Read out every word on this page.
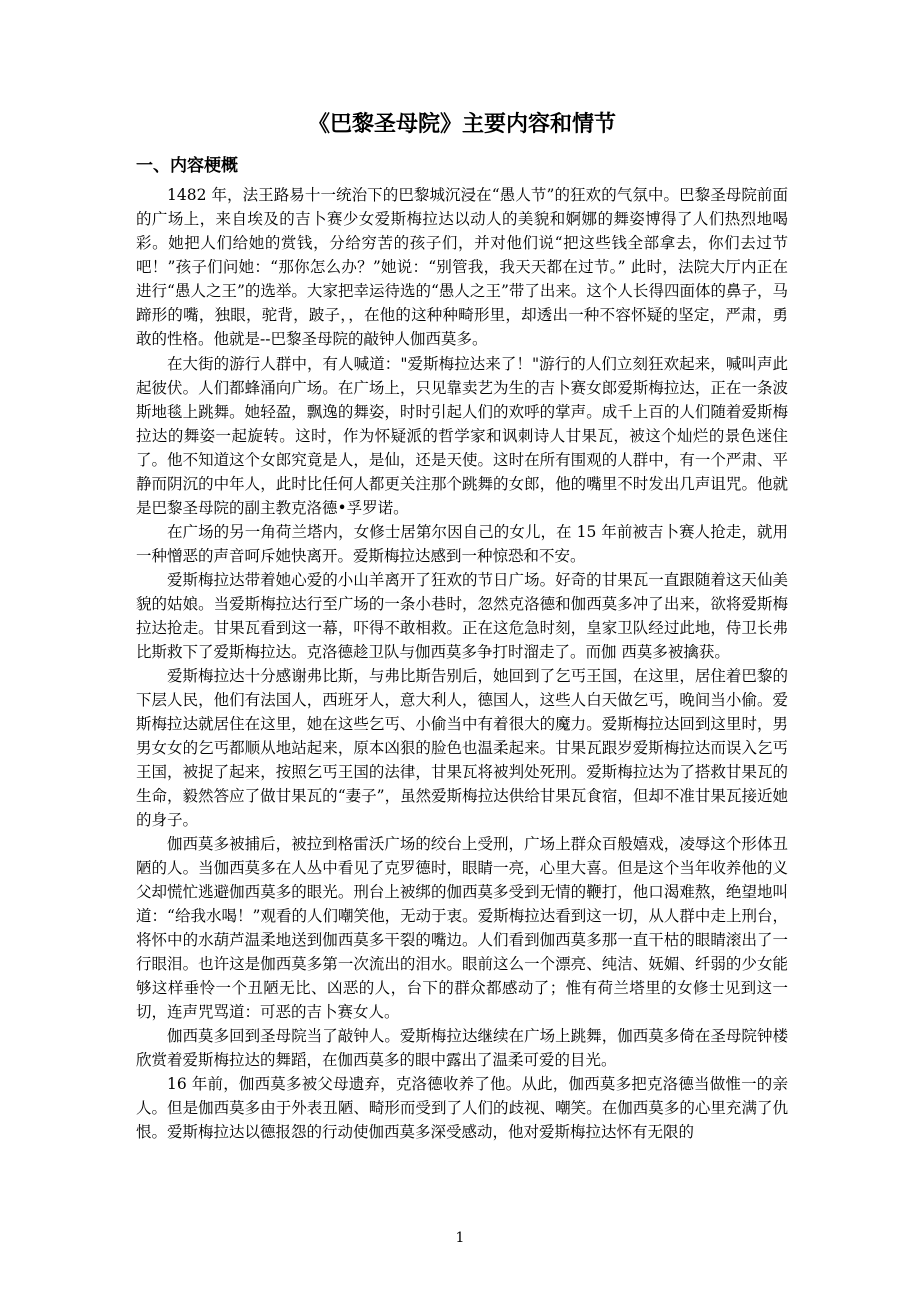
《巴黎圣母院》主要内容和情节
一、内容梗概

1482 年，法王路易十一统治下的巴黎城沉浸在“愚人节”的狂欢的气氛中。巴黎圣母院前面的广场上，来自埃及的吉卜赛少女爱斯梅拉达以动人的美貌和婀娜的舞姿博得了人们热烈地喝彩。她把人们给她的赏钱，分给穷苦的孩子们，并对他们说“把这些钱全部拿去，你们去过节吧！”孩子们问她：“那你怎么办？”她说：“别管我，我天天都在过节。” 此时，法院大厅内正在进行“愚人之王”的选举。大家把幸运待选的“愚人之王”带了出来。这个人长得四面体的鼻子，马蹄形的嘴，独眼，驼背，跛子，，在他的这种种畸形里，却透出一种不容怀疑的坚定，严肃，勇敢的性格。他就是--巴黎圣母院的敲钟人伽西莫多。

在大街的游行人群中，有人喊道："爱斯梅拉达来了！"游行的人们立刻狂欢起来，喊叫声此起彼伏。人们都蜂涌向广场。在广场上，只见靠卖艺为生的吉卜赛女郎爱斯梅拉达，正在一条波斯地毯上跳舞。她轻盈，飘逸的舞姿，时时引起人们的欢呼的掌声。成千上百的人们随着爱斯梅拉达的舞姿一起旋转。这时，作为怀疑派的哲学家和讽刺诗人甘果瓦，被这个灿烂的景色迷住了。他不知道这个女郎究竟是人，是仙，还是天使。这时在所有围观的人群中，有一个严肃、平静而阴沉的中年人，此时比任何人都更关注那个跳舞的女郎，他的嘴里不时发出几声诅咒。他就是巴黎圣母院的副主教克洛德•孚罗诺。

在广场的另一角荷兰塔内，女修士居第尔因自己的女儿，在 15 年前被吉卜赛人抢走，就用一种憎恶的声音呵斥她快离开。爱斯梅拉达感到一种惊恐和不安。

爱斯梅拉达带着她心爱的小山羊离开了狂欢的节日广场。好奇的甘果瓦一直跟随着这天仙美貌的姑娘。当爱斯梅拉达行至广场的一条小巷时，忽然克洛德和伽西莫多冲了出来，欲将爱斯梅拉达抢走。甘果瓦看到这一幕，吓得不敢相救。正在这危急时刻，皇家卫队经过此地，侍卫长弗比斯救下了爱斯梅拉达。克洛德趁卫队与伽西莫多争打时溜走了。而伽 西莫多被擒获。

爱斯梅拉达十分感谢弗比斯，与弗比斯告别后，她回到了乞丐王国，在这里，居住着巴黎的下层人民，他们有法国人，西班牙人，意大利人，德国人，这些人白天做乞丐，晚间当小偷。爱斯梅拉达就居住在这里，她在这些乞丐、小偷当中有着很大的魔力。爱斯梅拉达回到这里时，男男女女的乞丐都顺从地站起来，原本凶狠的脸色也温柔起来。甘果瓦跟岁爱斯梅拉达而误入乞丐王国，被捉了起来，按照乞丐王国的法律，甘果瓦将被判处死刑。爱斯梅拉达为了搭救甘果瓦的生命，毅然答应了做甘果瓦的“妻子”，虽然爱斯梅拉达供给甘果瓦食宿，但却不准甘果瓦接近她的身子。

伽西莫多被捕后，被拉到格雷沃广场的绞台上受刑，广场上群众百般嬉戏，凌辱这个形体丑陋的人。当伽西莫多在人丛中看见了克罗德时，眼睛一亮，心里大喜。但是这个当年收养他的义父却慌忙逃避伽西莫多的眼光。刑台上被绑的伽西莫多受到无情的鞭打，他口渴难熬，绝望地叫道：“给我水喝！”观看的人们嘲笑他，无动于衷。爱斯梅拉达看到这一切，从人群中走上刑台，将怀中的水葫芦温柔地送到伽西莫多干裂的嘴边。人们看到伽西莫多那一直干枯的眼睛滚出了一行眼泪。也许这是伽西莫多第一次流出的泪水。眼前这么一个漂亮、纯洁、妩媚、纤弱的少女能够这样垂怜一个丑陋无比、凶恶的人，台下的群众都感动了；惟有荷兰塔里的女修士见到这一切，连声咒骂道：可恶的吉卜赛女人。

伽西莫多回到圣母院当了敲钟人。爱斯梅拉达继续在广场上跳舞，伽西莫多倚在圣母院钟楼欣赏着爱斯梅拉达的舞蹈，在伽西莫多的眼中露出了温柔可爱的目光。

16 年前，伽西莫多被父母遗弃，克洛德收养了他。从此，伽西莫多把克洛德当做惟一的亲人。但是伽西莫多由于外表丑陋、畸形而受到了人们的歧视、嘲笑。在伽西莫多的心里充满了仇恨。爱斯梅拉达以德报怨的行动使伽西莫多深受感动，他对爱斯梅拉达怀有无限的

1
